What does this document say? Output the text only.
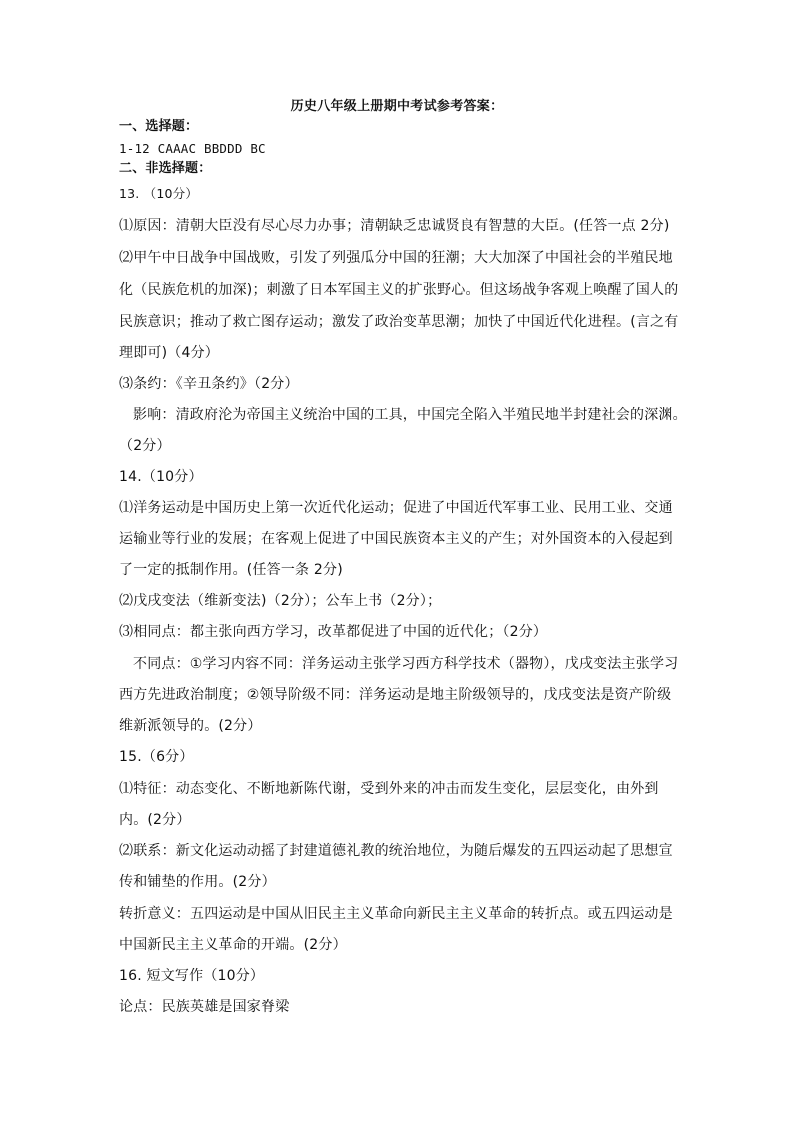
历史八年级上册期中考试参考答案：
一、选择题：
1-12 CAAAC BBDDD BC
二、非选择题：
13. （10分）
⑴原因：清朝大臣没有尽心尽力办事；清朝缺乏忠诚贤良有智慧的大臣。(任答一点 2分)
⑵甲午中日战争中国战败，引发了列强瓜分中国的狂潮；大大加深了中国社会的半殖民地
化（民族危机的加深)；刺激了日本军国主义的扩张野心。但这场战争客观上唤醒了国人的
民族意识；推动了救亡图存运动；激发了政治变革思潮；加快了中国近代化进程。(言之有
理即可)（4分）
⑶条约：《辛丑条约》（2分）
影响：清政府沦为帝国主义统治中国的工具，中国完全陷入半殖民地半封建社会的深渊。
（2分）
14.（10分）
⑴洋务运动是中国历史上第一次近代化运动；促进了中国近代军事工业、民用工业、交通
运输业等行业的发展；在客观上促进了中国民族资本主义的产生；对外国资本的入侵起到
了一定的抵制作用。(任答一条 2分)
⑵戊戌变法（维新变法)（2分）；公车上书（2分）；
⑶相同点：都主张向西方学习，改革都促进了中国的近代化；（2分）
不同点：①学习内容不同：洋务运动主张学习西方科学技术（器物），戊戌变法主张学习
西方先进政治制度；②领导阶级不同：洋务运动是地主阶级领导的，戊戌变法是资产阶级
维新派领导的。(2分）
15.（6分）
⑴特征：动态变化、不断地新陈代谢，受到外来的冲击而发生变化，层层变化，由外到
内。(2分）
⑵联系：新文化运动动摇了封建道德礼教的统治地位，为随后爆发的五四运动起了思想宣
传和铺垫的作用。(2分）
转折意义：五四运动是中国从旧民主主义革命向新民主主义革命的转折点。或五四运动是
中国新民主主义革命的开端。(2分）
16. 短文写作（10分）
论点：民族英雄是国家脊梁
